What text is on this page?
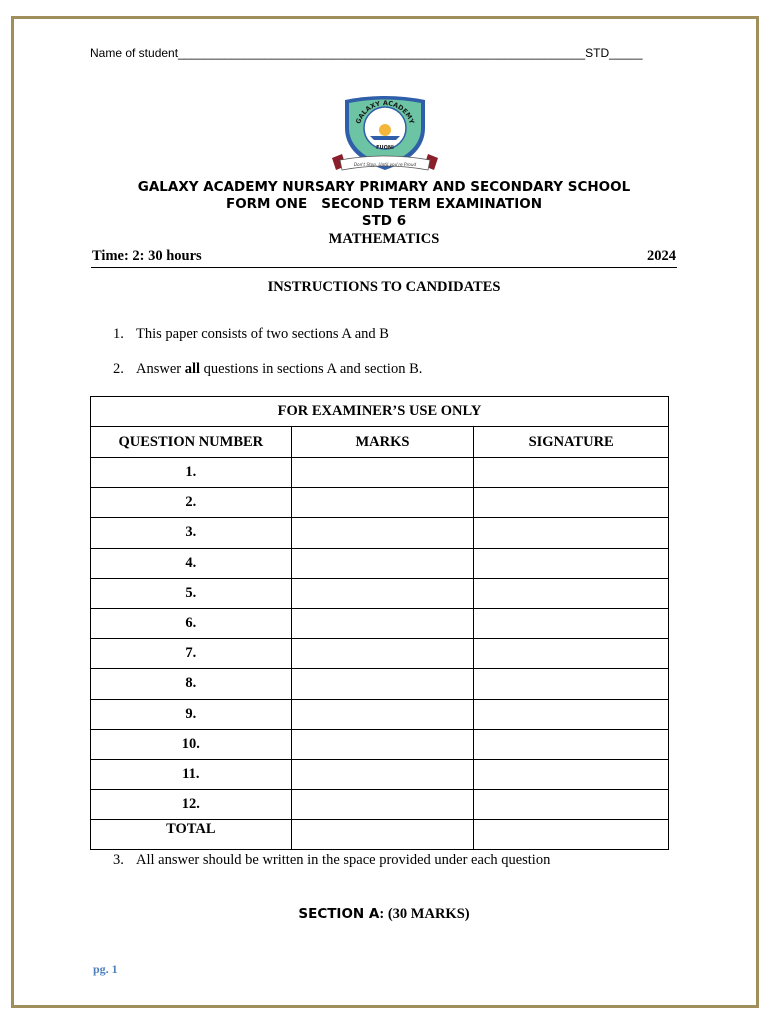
Name of student_____________________________________________________________STD_____
GALAXY ACADEMY
FUONI
Don't Stop, Until you're Proud
GALAXY ACADEMY NURSARY PRIMARY AND SECONDARY SCHOOL
FORM ONE   SECOND TERM EXAMINATION
STD 6
MATHEMATICS
Time: 2: 30 hours	2024
INSTRUCTIONS TO CANDIDATES
1. This paper consists of two sections A and B
2. Answer all questions in sections A and section B.
FOR EXAMINER’S USE ONLY		
QUESTION NUMBER	MARKS	SIGNATURE
1.		
2.		
3.		
4.		
5.		
6.		
7.		
8.		
9.		
10.		
11.		
12.		
TOTAL		
3. All answer should be written in the space provided under each question
SECTION A: (30 MARKS)
pg. 1
